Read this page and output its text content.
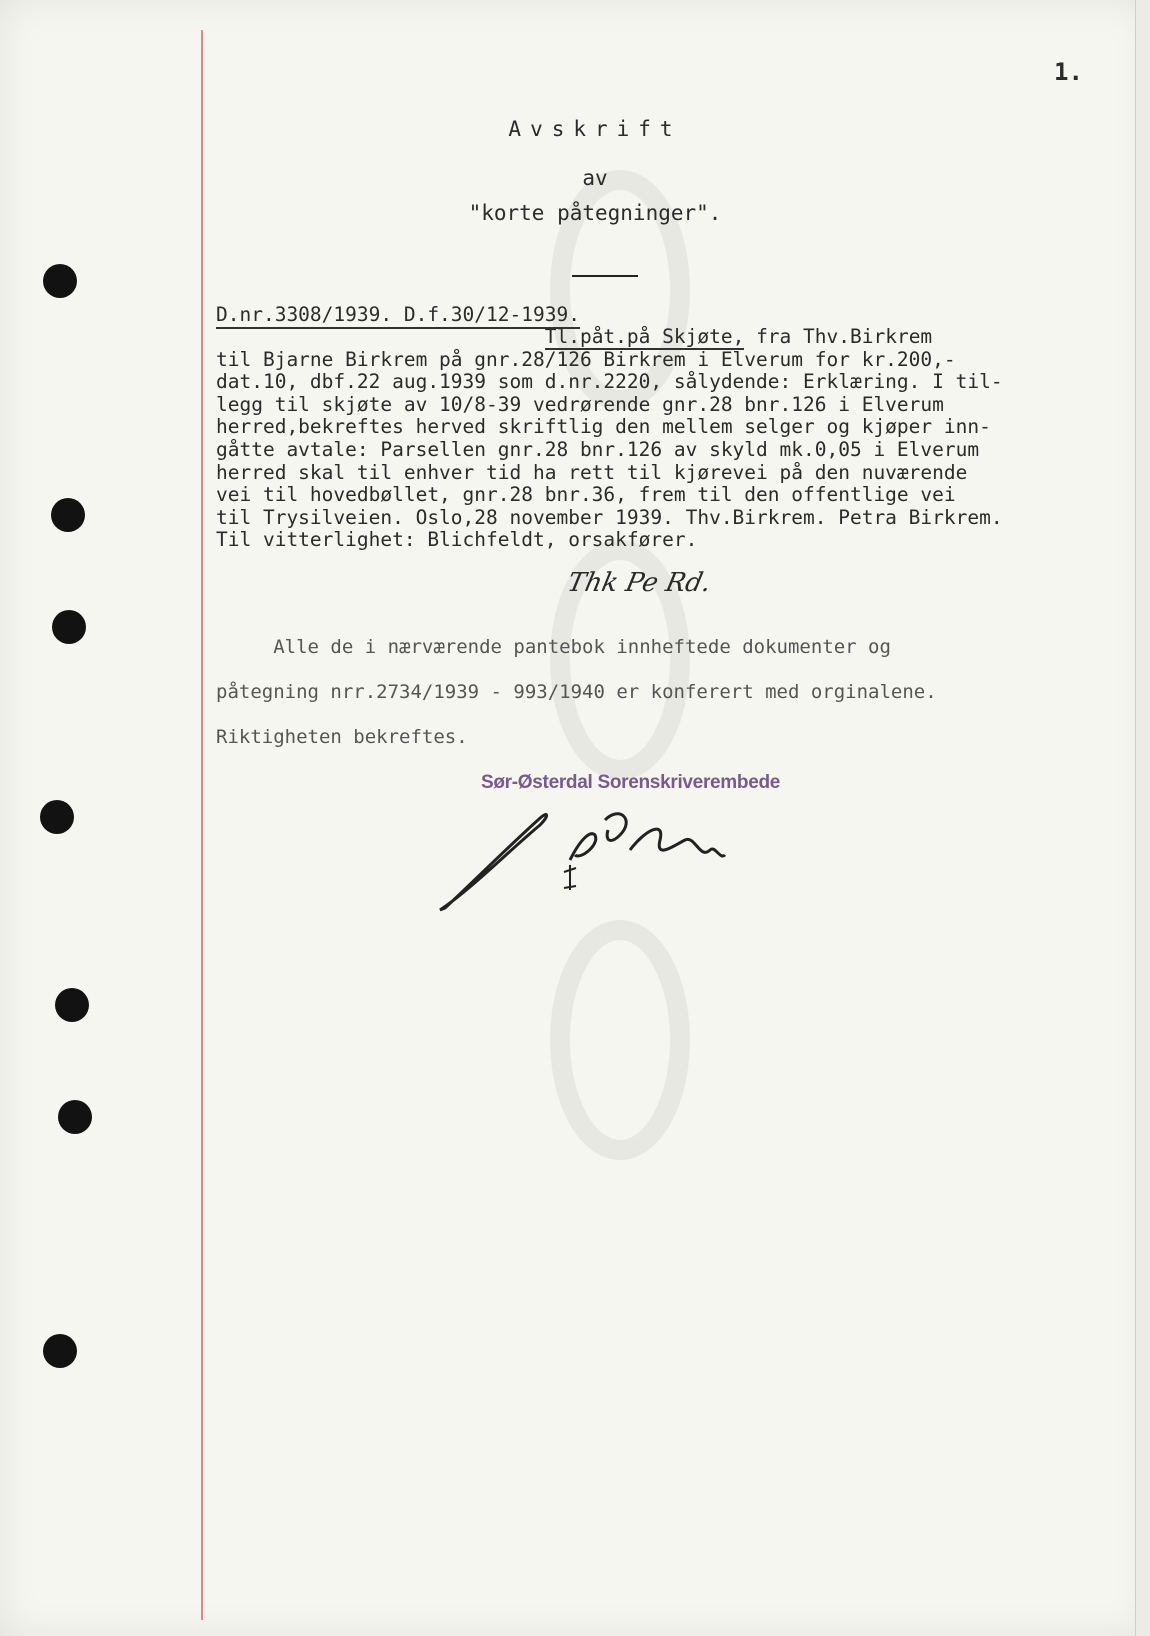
1.
Avskrift
av
"korte påtegninger".
D.nr.3308/1939. D.f.30/12-1939.
Tl.påt.på Skjøte, fra Thv.Birkrem
til Bjarne Birkrem på gnr.28/126 Birkrem i Elverum for kr.200,-
dat.10, dbf.22 aug.1939 som d.nr.2220, sålydende: Erklæring. I til-
legg til skjøte av 10/8-39 vedrørende gnr.28 bnr.126 i Elverum
herred,bekreftes herved skriftlig den mellem selger og kjøper inn-
gåtte avtale: Parsellen gnr.28 bnr.126 av skyld mk.0,05 i Elverum
herred skal til enhver tid ha rett til kjørevei på den nuværende
vei til hovedbøllet, gnr.28 bnr.36, frem til den offentlige vei
til Trysilveien. Oslo,28 november 1939. Thv.Birkrem. Petra Birkrem.
Til vitterlighet: Blichfeldt, orsakfører.
Thk Pe Rd.
Alle de i nærværende pantebok innheftede dokumenter og
påtegning nrr.2734/1939 - 993/1940 er konferert med orginalene.
Riktigheten bekreftes.
Sør-Østerdal Sorenskriverembede
